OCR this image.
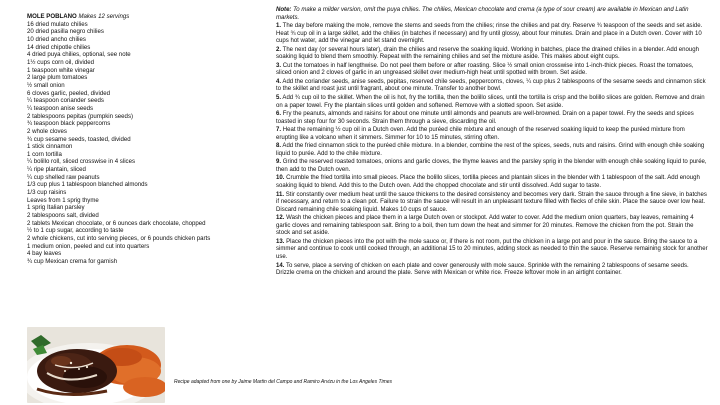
MOLE POBLANO Makes 12 servings
16 dried mulato chilies
20 dried pasilla negro chilies
10 dried ancho chilies
14 dried chipotle chilies
4 dried puya chilies, optional, see note
1½ cups corn oil, divided
1 teaspoon white vinegar
2 large plum tomatoes
½ small onion
6 cloves garlic, peeled, divided
¼ teaspoon coriander seeds
¼ teaspoon anise seeds
2 tablespoons pepitas (pumpkin seeds)
¾ teaspoon black peppercorns
2 whole cloves
¾ cup sesame seeds, toasted, divided
1 stick cinnamon
1 corn tortilla
¼ bolillo roll, sliced crosswise in 4 slices
¼ ripe plantain, sliced
¼ cup shelled raw peanuts
1/3 cup plus 1 tablespoon blanched almonds
1/3 cup raisins
Leaves from 1 sprig thyme
1 sprig Italian parsley
2 tablespoons salt, divided
2 tablets Mexican chocolate, or 6 ounces dark chocolate, chopped
½ to 1 cup sugar, according to taste
2 whole chickens, cut into serving pieces, or 6 pounds chicken parts
1 medium onion, peeled and cut into quarters
4 bay leaves
¾ cup Mexican crema for garnish

Note: To make a milder version, omit the puya chilies. The chilies, Mexican chocolate and crema (a type of sour cream) are available in Mexican and Latin markets.

1. The day before making the mole, remove the stems and seeds from the chilies; rinse the chilies and pat dry. Reserve ¾ teaspoon of the seeds and set aside. Heat ¾ cup oil in a large skillet, add the chilies (in batches if necessary) and fry until glossy, about four minutes. Drain and place in a Dutch oven. Cover with 10 cups hot water, add the vinegar and let stand overnight.

2. The next day (or several hours later), drain the chilies and reserve the soaking liquid. Working in batches, place the drained chilies in a blender. Add enough soaking liquid to blend them smoothly. Repeat with the remaining chilies and set the mixture aside. This makes about eight cups.

3. Cut the tomatoes in half lengthwise. Do not peel them before or after roasting. Slice ½ small onion crosswise into 1-inch-thick pieces. Roast the tomatoes, sliced onion and 2 cloves of garlic in an ungreased skillet over medium-high heat until spotted with brown. Set aside.

4. Add the coriander seeds, anise seeds, pepitas, reserved chile seeds, peppercorns, cloves, ¼ cup plus 2 tablespoons of the sesame seeds and cinnamon stick to the skillet and roast just until fragrant, about one minute. Transfer to another bowl.

5. Add ¾ cup oil to the skillet. When the oil is hot, fry the tortilla, then the bolillo slices, until the tortilla is crisp and the bolillo slices are golden. Remove and drain on a paper towel. Fry the plantain slices until golden and softened. Remove with a slotted spoon. Set aside.

6. Fry the peanuts, almonds and raisins for about one minute until almonds and peanuts are well-browned. Drain on a paper towel. Fry the seeds and spices toasted in step four for 30 seconds. Strain them through a sieve, discarding the oil.

7. Heat the remaining ½ cup oil in a Dutch oven. Add the puréed chile mixture and enough of the reserved soaking liquid to keep the puréed mixture from erupting like a volcano when it simmers. Simmer for 10 to 15 minutes, stirring often.

8. Add the fried cinnamon stick to the puréed chile mixture. In a blender, combine the rest of the spices, seeds, nuts and raisins. Grind with enough chile soaking liquid to purée. Add to the chile mixture.

9. Grind the reserved roasted tomatoes, onions and garlic cloves, the thyme leaves and the parsley sprig in the blender with enough chile soaking liquid to purée, then add to the Dutch oven.

10. Crumble the fried tortilla into small pieces. Place the bolillo slices, tortilla pieces and plantain slices in the blender with 1 tablespoon of the salt. Add enough soaking liquid to blend. Add this to the Dutch oven. Add the chopped chocolate and stir until dissolved. Add sugar to taste.

11. Stir constantly over medium heat until the sauce thickens to the desired consistency and becomes very dark. Strain the sauce through a fine sieve, in batches if necessary, and return to a clean pot. Failure to strain the sauce will result in an unpleasant texture filled with flecks of chile skin. Place the sauce over low heat. Discard remaining chile soaking liquid. Makes 10 cups of sauce.

12. Wash the chicken pieces and place them in a large Dutch oven or stockpot. Add water to cover. Add the medium onion quarters, bay leaves, remaining 4 garlic cloves and remaining tablespoon salt. Bring to a boil, then turn down the heat and simmer for 20 minutes. Remove the chicken from the pot. Strain the stock and set aside.

13. Place the chicken pieces into the pot with the mole sauce or, if there is not room, put the chicken in a large pot and pour in the sauce. Bring the sauce to a simmer and continue to cook until cooked through, an additional 15 to 20 minutes, adding stock as needed to thin the sauce. Reserve remaining stock for another use.

14. To serve, place a serving of chicken on each plate and cover generously with mole sauce. Sprinkle with the remaining 2 tablespoons of sesame seeds. Drizzle crema on the chicken and around the plate. Serve with Mexican or white rice. Freeze leftover mole in an airtight container.

Recipe adapted from one by Jaime Martin del Campo and Ramiro Arvizu in the Los Angeles Times
